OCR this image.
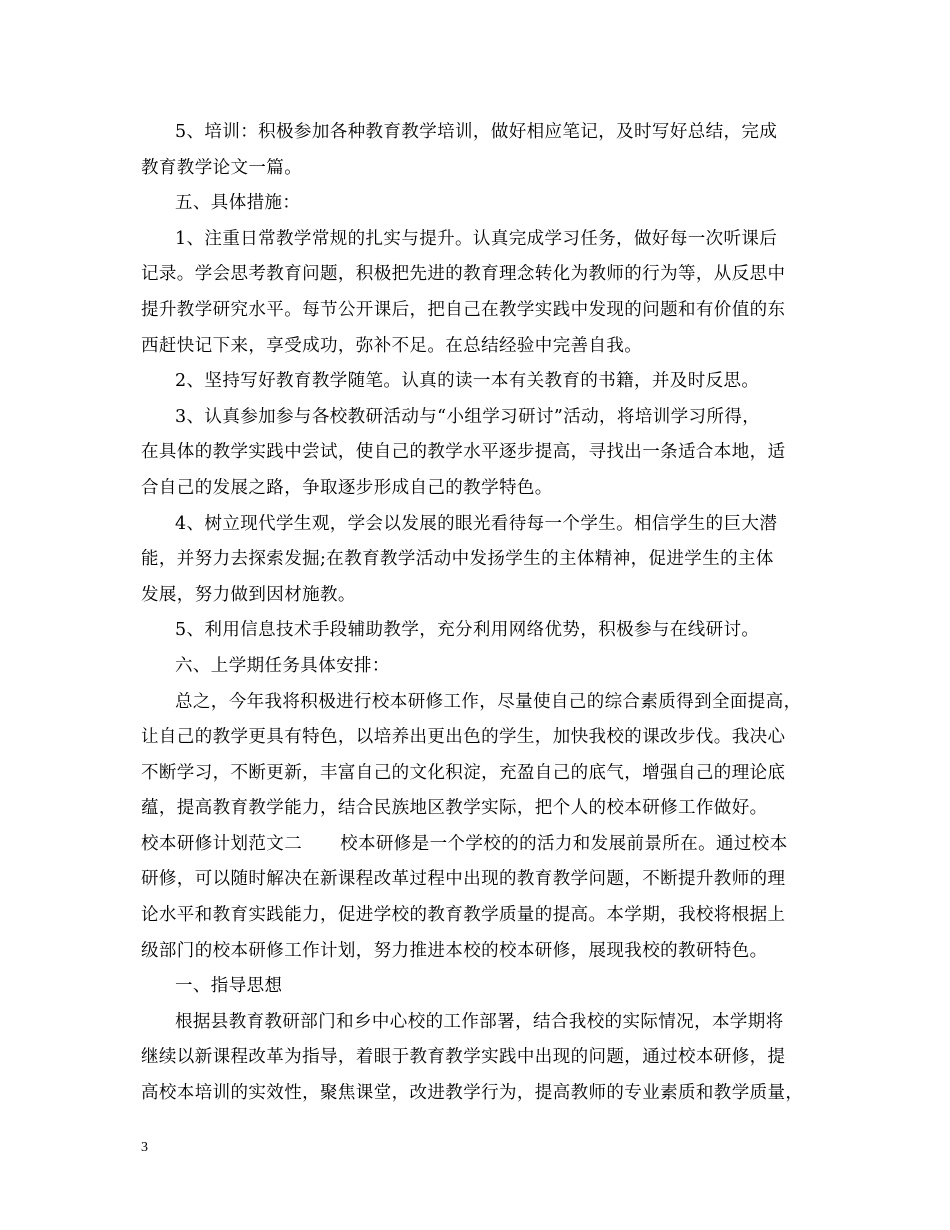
5、培训：积极参加各种教育教学培训，做好相应笔记，及时写好总结，完成
教育教学论文一篇。
五、具体措施：
1、注重日常教学常规的扎实与提升。认真完成学习任务，做好每一次听课后
记录。学会思考教育问题，积极把先进的教育理念转化为教师的行为等，从反思中
提升教学研究水平。每节公开课后，把自己在教学实践中发现的问题和有价值的东
西赶快记下来，享受成功，弥补不足。在总结经验中完善自我。
2、坚持写好教育教学随笔。认真的读一本有关教育的书籍，并及时反思。
3、认真参加参与各校教研活动与“小组学习研讨”活动，将培训学习所得，
在具体的教学实践中尝试，使自己的教学水平逐步提高，寻找出一条适合本地，适
合自己的发展之路，争取逐步形成自己的教学特色。
4、树立现代学生观，学会以发展的眼光看待每一个学生。相信学生的巨大潜
能，并努力去探索发掘;在教育教学活动中发扬学生的主体精神，促进学生的主体
发展，努力做到因材施教。
5、利用信息技术手段辅助教学，充分利用网络优势，积极参与在线研讨。
六、上学期任务具体安排：
总之，今年我将积极进行校本研修工作，尽量使自己的综合素质得到全面提高，
让自己的教学更具有特色，以培养出更出色的学生，加快我校的课改步伐。我决心
不断学习，不断更新，丰富自己的文化积淀，充盈自己的底气，增强自己的理论底
蕴，提高教育教学能力，结合民族地区教学实际，把个人的校本研修工作做好。
校本研修计划范文二 校本研修是一个学校的的活力和发展前景所在。通过校本
研修，可以随时解决在新课程改革过程中出现的教育教学问题，不断提升教师的理
论水平和教育实践能力，促进学校的教育教学质量的提高。本学期，我校将根据上
级部门的校本研修工作计划，努力推进本校的校本研修，展现我校的教研特色。
一、指导思想
根据县教育教研部门和乡中心校的工作部署，结合我校的实际情况，本学期将
继续以新课程改革为指导，着眼于教育教学实践中出现的问题，通过校本研修，提
高校本培训的实效性，聚焦课堂，改进教学行为，提高教师的专业素质和教学质量，
3
